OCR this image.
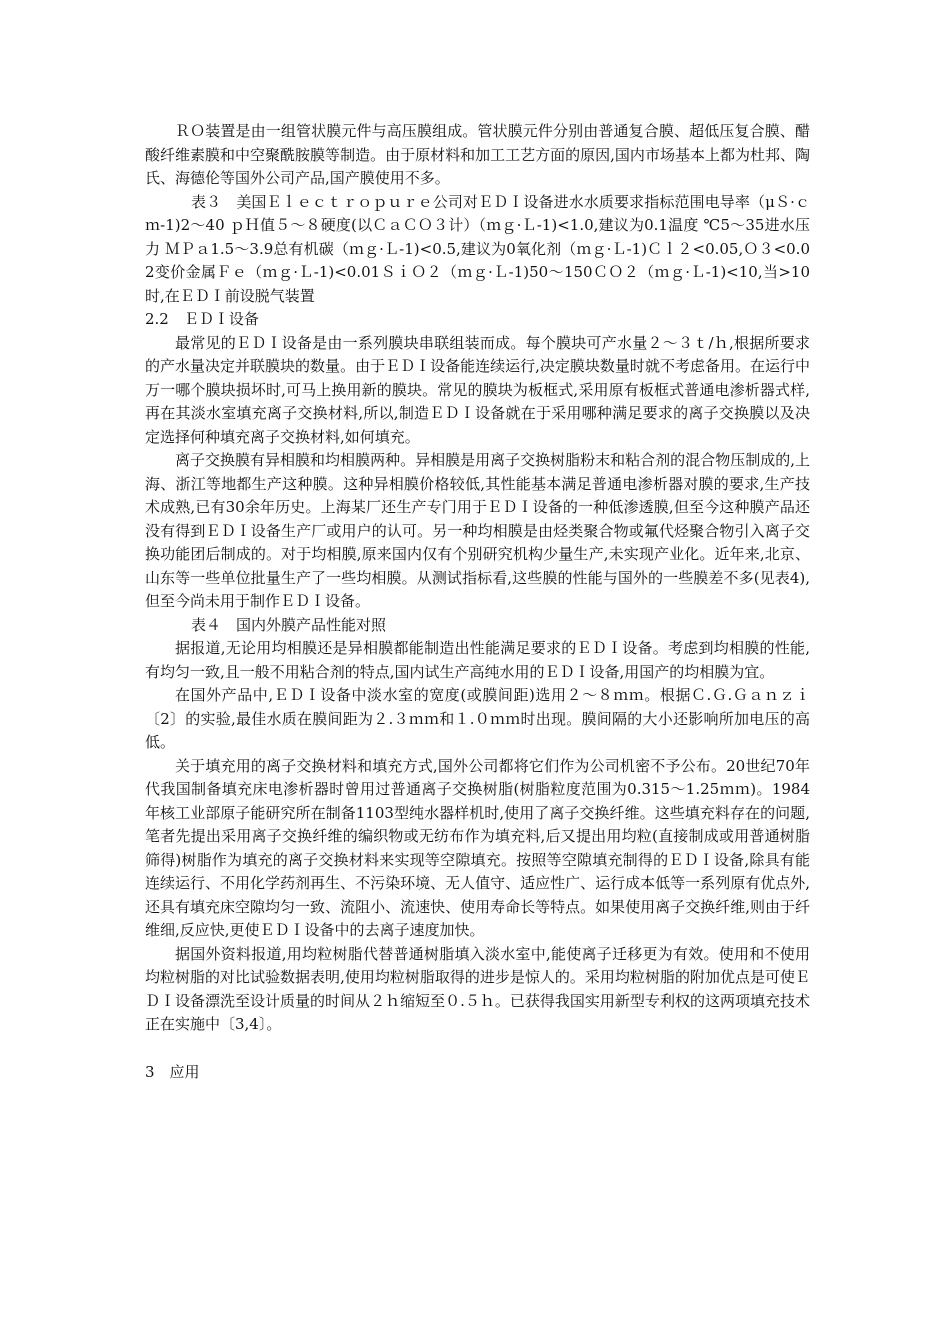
ＲＯ装置是由一组管状膜元件与高压膜组成。管状膜元件分别由普通复合膜、超低压复合膜、醋酸纤维素膜和中空聚酰胺膜等制造。由于原材料和加工工艺方面的原因,国内市场基本上都为杜邦、陶氏、海德伦等国外公司产品,国产膜使用不多。

表３　美国Ｅｌｅｃｔｒｏｐｕｒｅ公司对ＥＤＩ设备进水水质要求指标范围电导率（μＳ·ｃｍ-1)2～40 ｐＨ值５～８硬度(以ＣａＣＯ３计）（ｍｇ·Ｌ-1)<1.0,建议为0.1温度 ℃5～35进水压力 ＭＰａ1.5～3.9总有机碳（ｍｇ·Ｌ-1)<0.5,建议为0氧化剂（ｍｇ·Ｌ-1)Ｃｌ２<0.05,Ｏ３<0.02变价金属Ｆｅ（ｍｇ·Ｌ-1)<0.01ＳｉＯ２（ｍｇ·Ｌ-1)50～150ＣＯ２（ｍｇ·Ｌ-1)<10,当>10时,在ＥＤＩ前设脱气装置

2.2　ＥＤＩ设备

最常见的ＥＤＩ设备是由一系列膜块串联组装而成。每个膜块可产水量２～３ｔ/ｈ,根据所要求的产水量决定并联膜块的数量。由于ＥＤＩ设备能连续运行,决定膜块数量时就不考虑备用。在运行中万一哪个膜块损坏时,可马上换用新的膜块。常见的膜块为板框式,采用原有板框式普通电渗析器式样,再在其淡水室填充离子交换材料,所以,制造ＥＤＩ设备就在于采用哪种满足要求的离子交换膜以及决定选择何种填充离子交换材料,如何填充。

离子交换膜有异相膜和均相膜两种。异相膜是用离子交换树脂粉末和粘合剂的混合物压制成的,上海、浙江等地都生产这种膜。这种异相膜价格较低,其性能基本满足普通电渗析器对膜的要求,生产技术成熟,已有30余年历史。上海某厂还生产专门用于ＥＤＩ设备的一种低渗透膜,但至今这种膜产品还没有得到ＥＤＩ设备生产厂或用户的认可。另一种均相膜是由烃类聚合物或氟代烃聚合物引入离子交换功能团后制成的。对于均相膜,原来国内仅有个别研究机构少量生产,未实现产业化。近年来,北京、山东等一些单位批量生产了一些均相膜。从测试指标看,这些膜的性能与国外的一些膜差不多(见表4),但至今尚未用于制作ＥＤＩ设备。

表４　国内外膜产品性能对照

据报道,无论用均相膜还是异相膜都能制造出性能满足要求的ＥＤＩ设备。考虑到均相膜的性能,有均匀一致,且一般不用粘合剂的特点,国内试生产高纯水用的ＥＤＩ设备,用国产的均相膜为宜。

在国外产品中,ＥＤＩ设备中淡水室的宽度(或膜间距)选用２～８ｍｍ。根据Ｃ.Ｇ.Ｇａｎｚｉ〔2〕的实验,最佳水质在膜间距为２.３ｍｍ和１.０ｍｍ时出现。膜间隔的大小还影响所加电压的高低。

关于填充用的离子交换材料和填充方式,国外公司都将它们作为公司机密不予公布。20世纪70年代我国制备填充床电渗析器时曾用过普通离子交换树脂(树脂粒度范围为0.315～1.25ｍｍ)。1984年核工业部原子能研究所在制备1103型纯水器样机时,使用了离子交换纤维。这些填充料存在的问题,笔者先提出采用离子交换纤维的编织物或无纺布作为填充料,后又提出用均粒(直接制成或用普通树脂筛得)树脂作为填充的离子交换材料来实现等空隙填充。按照等空隙填充制得的ＥＤＩ设备,除具有能连续运行、不用化学药剂再生、不污染环境、无人值守、适应性广、运行成本低等一系列原有优点外,还具有填充床空隙均匀一致、流阻小、流速快、使用寿命长等特点。如果使用离子交换纤维,则由于纤维细,反应快,更使ＥＤＩ设备中的去离子速度加快。

据国外资料报道,用均粒树脂代替普通树脂填入淡水室中,能使离子迁移更为有效。使用和不使用均粒树脂的对比试验数据表明,使用均粒树脂取得的进步是惊人的。采用均粒树脂的附加优点是可使ＥＤＩ设备漂洗至设计质量的时间从２ｈ缩短至０.５ｈ。已获得我国实用新型专利权的这两项填充技术正在实施中〔3,4〕。

3　应用
